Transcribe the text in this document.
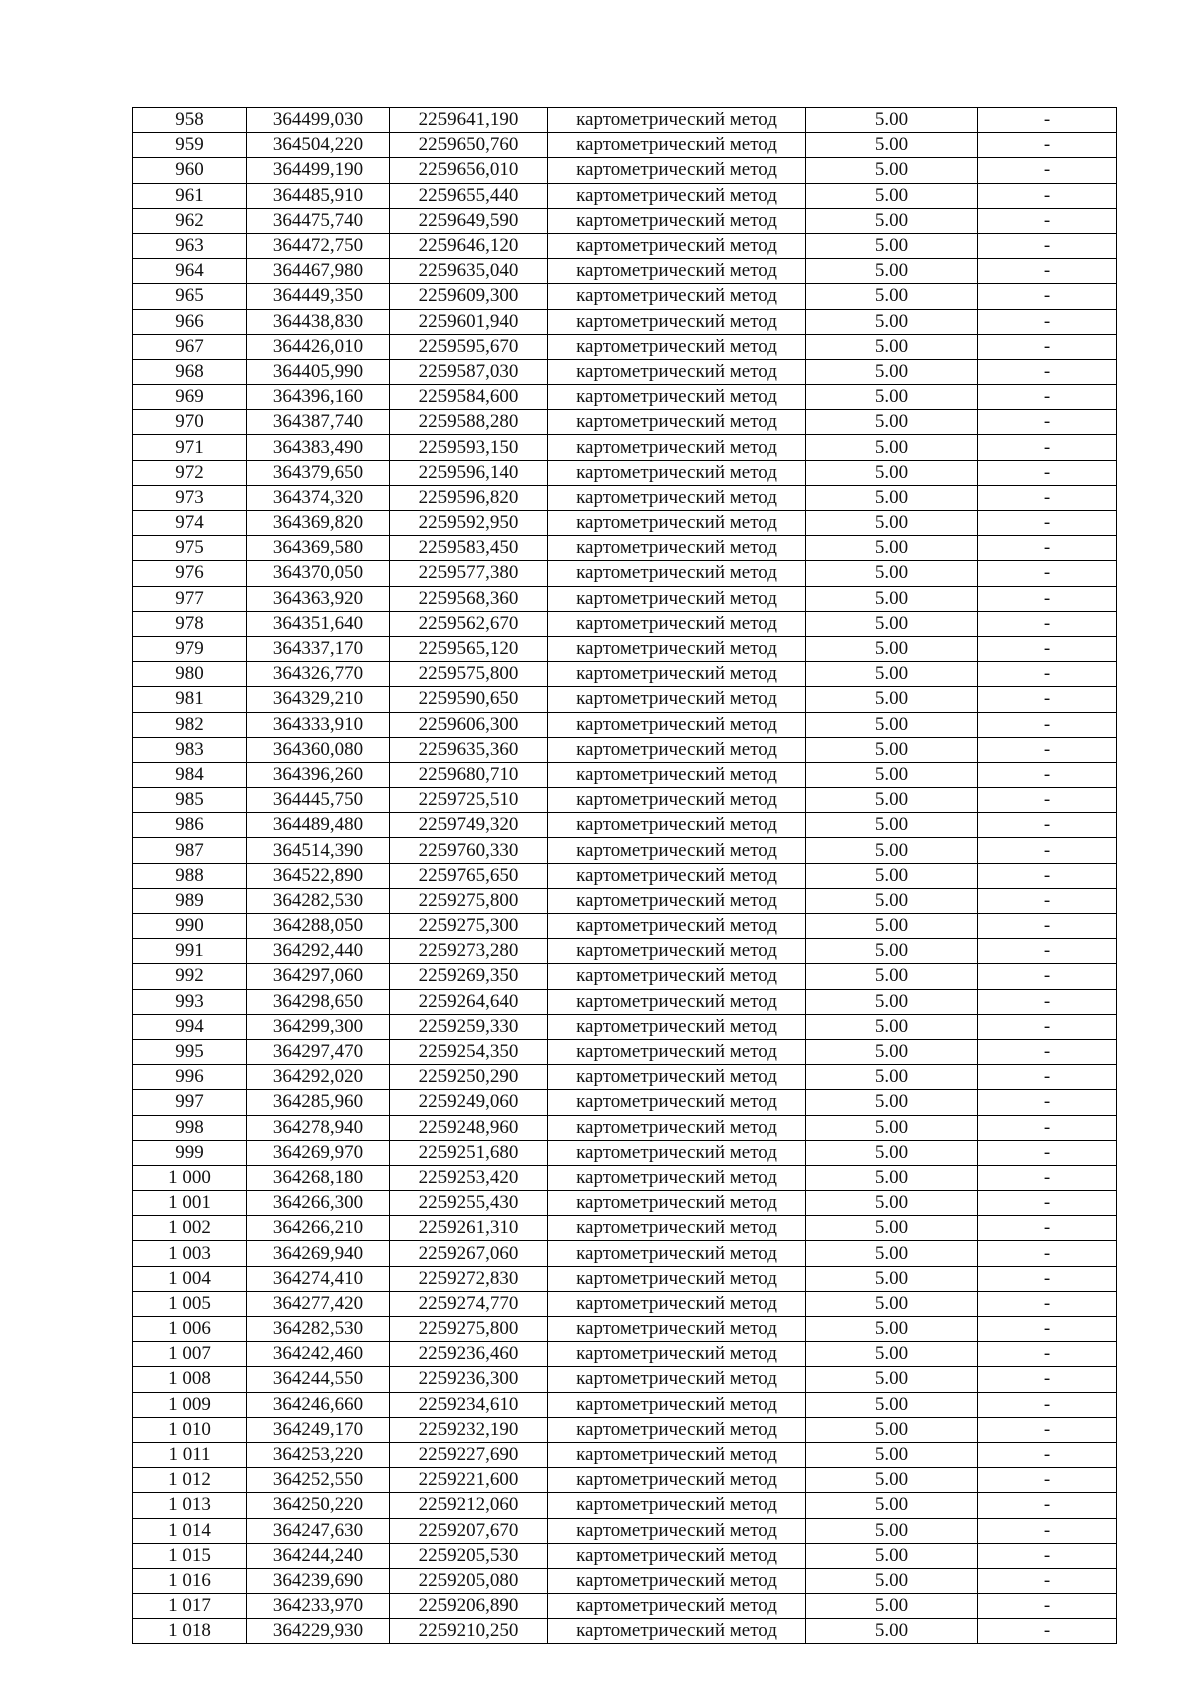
958	364499,030	2259641,190	картометрический метод	5.00	-
959	364504,220	2259650,760	картометрический метод	5.00	-
960	364499,190	2259656,010	картометрический метод	5.00	-
961	364485,910	2259655,440	картометрический метод	5.00	-
962	364475,740	2259649,590	картометрический метод	5.00	-
963	364472,750	2259646,120	картометрический метод	5.00	-
964	364467,980	2259635,040	картометрический метод	5.00	-
965	364449,350	2259609,300	картометрический метод	5.00	-
966	364438,830	2259601,940	картометрический метод	5.00	-
967	364426,010	2259595,670	картометрический метод	5.00	-
968	364405,990	2259587,030	картометрический метод	5.00	-
969	364396,160	2259584,600	картометрический метод	5.00	-
970	364387,740	2259588,280	картометрический метод	5.00	-
971	364383,490	2259593,150	картометрический метод	5.00	-
972	364379,650	2259596,140	картометрический метод	5.00	-
973	364374,320	2259596,820	картометрический метод	5.00	-
974	364369,820	2259592,950	картометрический метод	5.00	-
975	364369,580	2259583,450	картометрический метод	5.00	-
976	364370,050	2259577,380	картометрический метод	5.00	-
977	364363,920	2259568,360	картометрический метод	5.00	-
978	364351,640	2259562,670	картометрический метод	5.00	-
979	364337,170	2259565,120	картометрический метод	5.00	-
980	364326,770	2259575,800	картометрический метод	5.00	-
981	364329,210	2259590,650	картометрический метод	5.00	-
982	364333,910	2259606,300	картометрический метод	5.00	-
983	364360,080	2259635,360	картометрический метод	5.00	-
984	364396,260	2259680,710	картометрический метод	5.00	-
985	364445,750	2259725,510	картометрический метод	5.00	-
986	364489,480	2259749,320	картометрический метод	5.00	-
987	364514,390	2259760,330	картометрический метод	5.00	-
988	364522,890	2259765,650	картометрический метод	5.00	-
989	364282,530	2259275,800	картометрический метод	5.00	-
990	364288,050	2259275,300	картометрический метод	5.00	-
991	364292,440	2259273,280	картометрический метод	5.00	-
992	364297,060	2259269,350	картометрический метод	5.00	-
993	364298,650	2259264,640	картометрический метод	5.00	-
994	364299,300	2259259,330	картометрический метод	5.00	-
995	364297,470	2259254,350	картометрический метод	5.00	-
996	364292,020	2259250,290	картометрический метод	5.00	-
997	364285,960	2259249,060	картометрический метод	5.00	-
998	364278,940	2259248,960	картометрический метод	5.00	-
999	364269,970	2259251,680	картометрический метод	5.00	-
1 000	364268,180	2259253,420	картометрический метод	5.00	-
1 001	364266,300	2259255,430	картометрический метод	5.00	-
1 002	364266,210	2259261,310	картометрический метод	5.00	-
1 003	364269,940	2259267,060	картометрический метод	5.00	-
1 004	364274,410	2259272,830	картометрический метод	5.00	-
1 005	364277,420	2259274,770	картометрический метод	5.00	-
1 006	364282,530	2259275,800	картометрический метод	5.00	-
1 007	364242,460	2259236,460	картометрический метод	5.00	-
1 008	364244,550	2259236,300	картометрический метод	5.00	-
1 009	364246,660	2259234,610	картометрический метод	5.00	-
1 010	364249,170	2259232,190	картометрический метод	5.00	-
1 011	364253,220	2259227,690	картометрический метод	5.00	-
1 012	364252,550	2259221,600	картометрический метод	5.00	-
1 013	364250,220	2259212,060	картометрический метод	5.00	-
1 014	364247,630	2259207,670	картометрический метод	5.00	-
1 015	364244,240	2259205,530	картометрический метод	5.00	-
1 016	364239,690	2259205,080	картометрический метод	5.00	-
1 017	364233,970	2259206,890	картометрический метод	5.00	-
1 018	364229,930	2259210,250	картометрический метод	5.00	-
